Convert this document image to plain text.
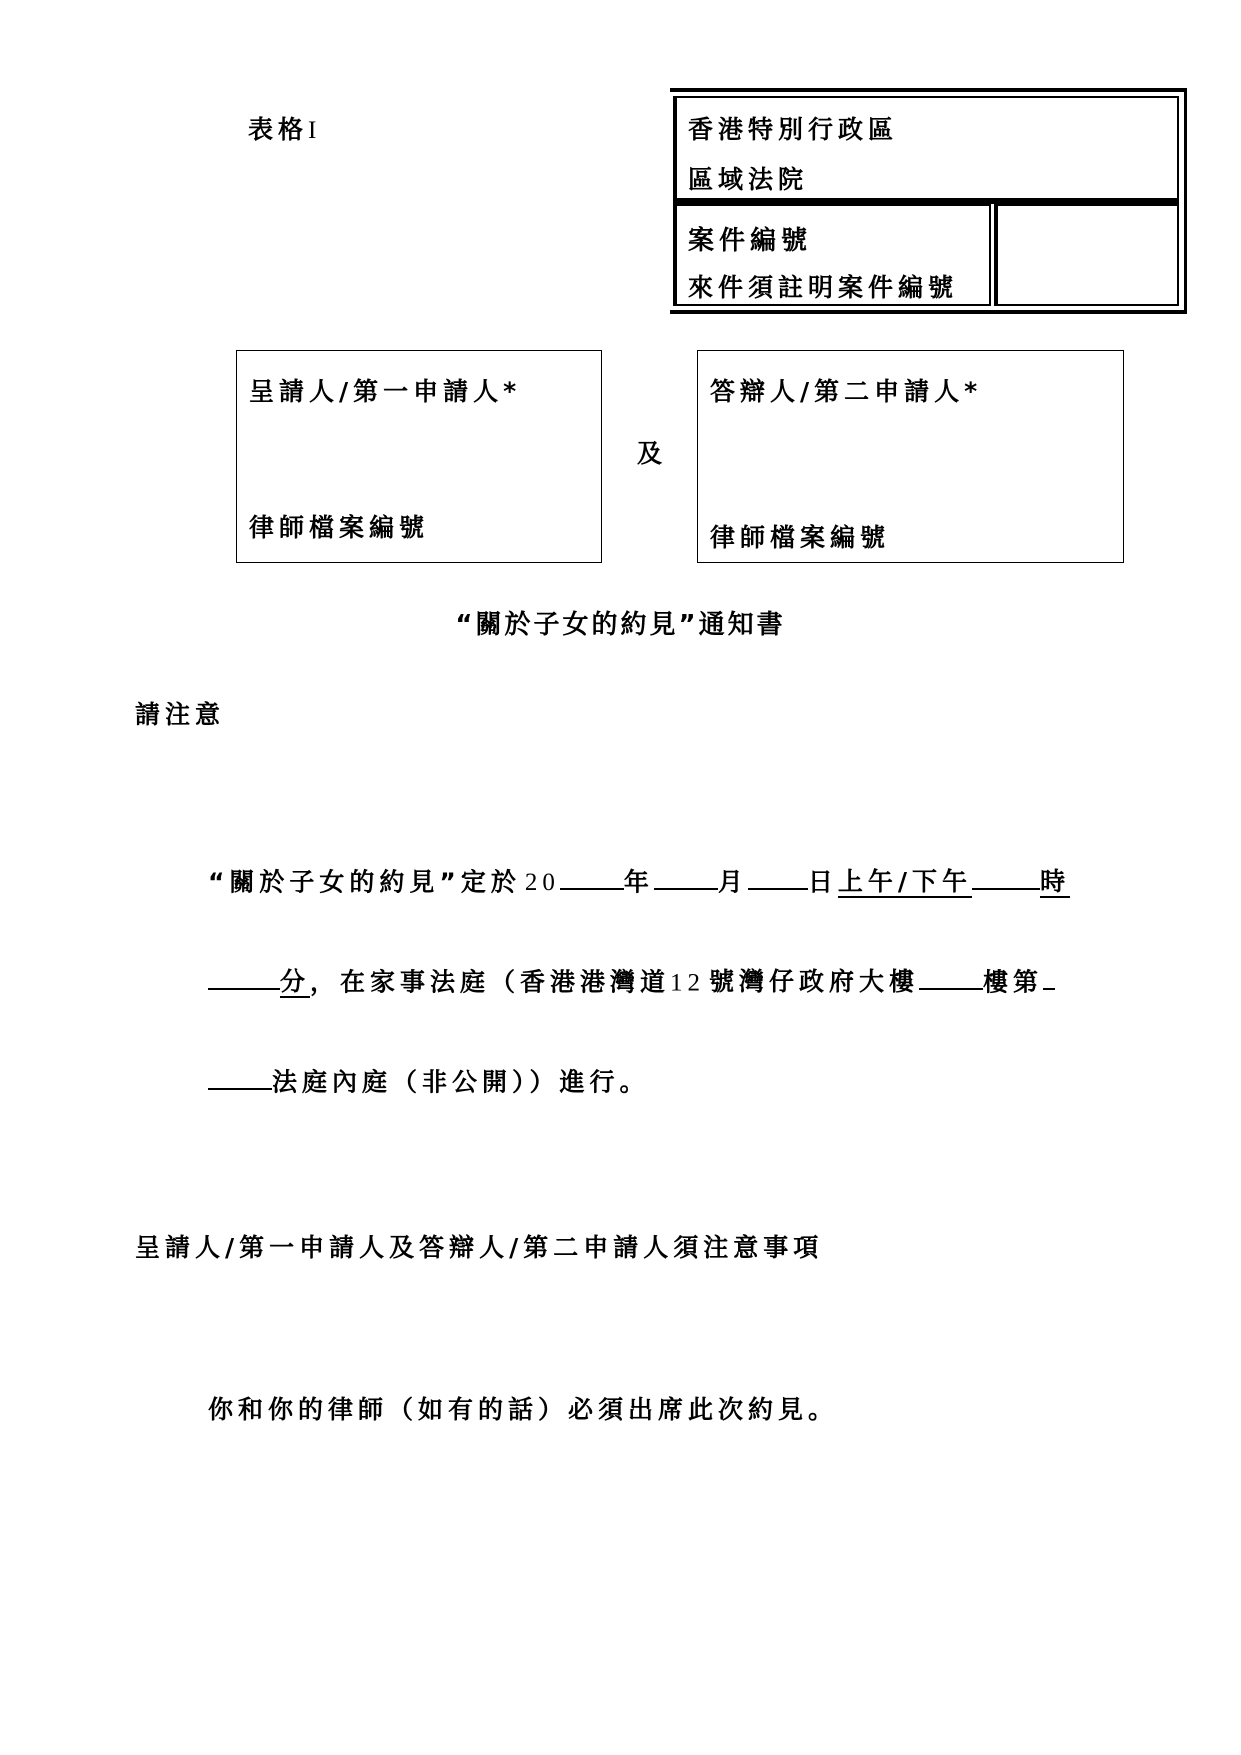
表格I	香港特別行政區
區域法院
案件編號
來件須註明案件編號
呈請人/第一申請人*
律師檔案編號
及
答辯人/第二申請人*
律師檔案編號
“關於子女的約見”通知書
請注意
“關於子女的約見”定於 20	年	月 日上午/下午	時
分，在家事法庭（香港港灣道12 號灣仔政府大樓	樓第
法庭內庭（非公開））進行。
呈請人/第一申請人及答辯人/第二申請人須注意事項
你和你的律師（如有的話）必須出席此次約見。
